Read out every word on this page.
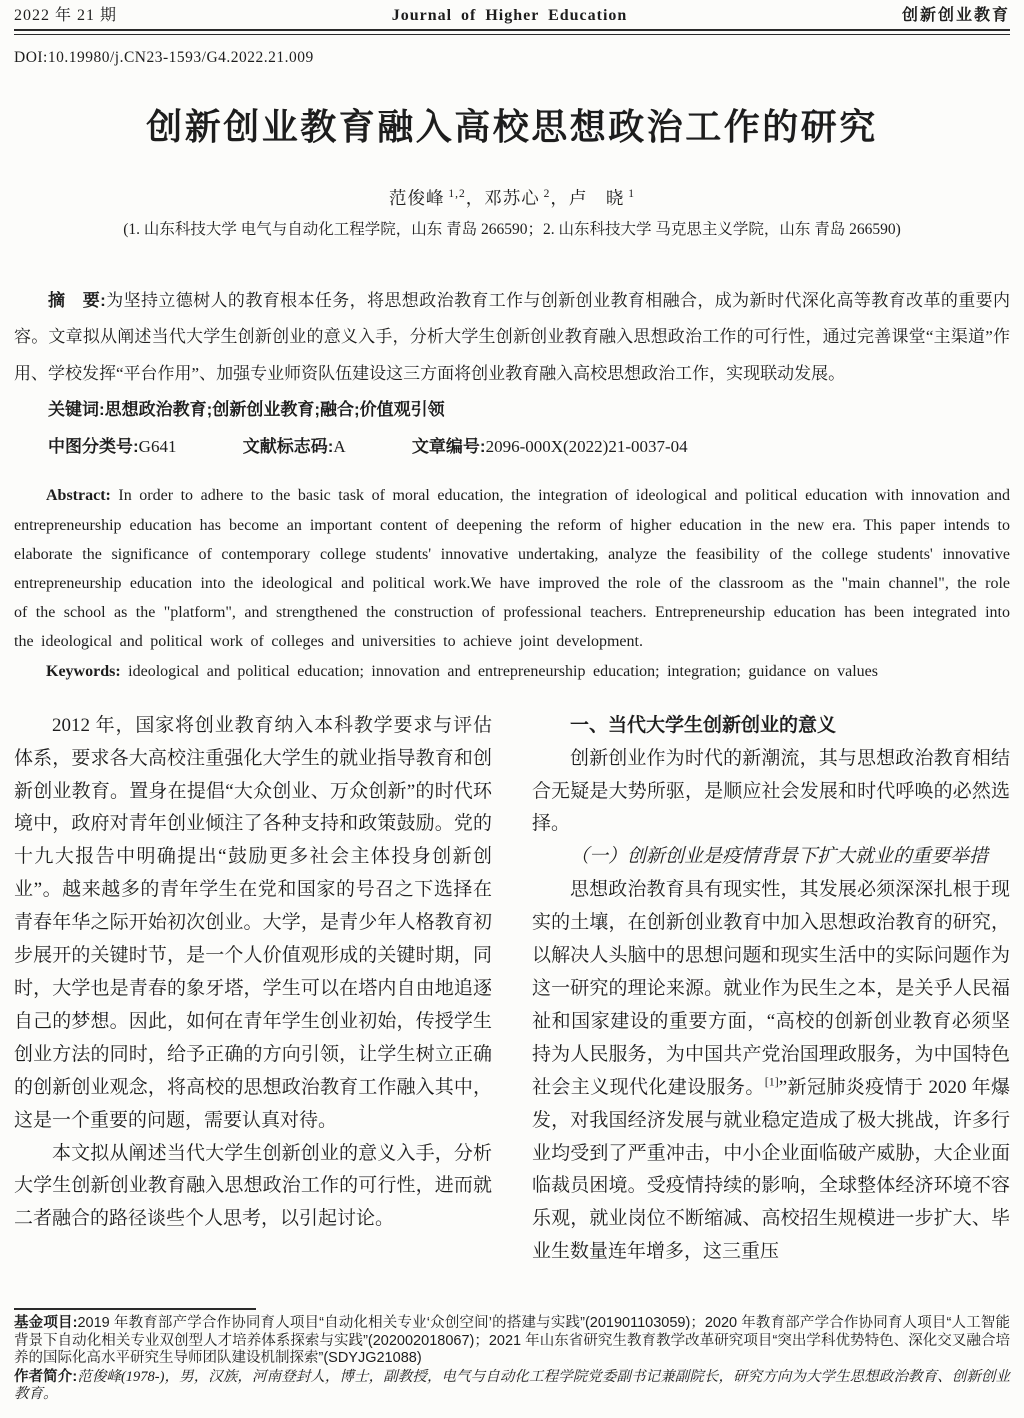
2022 年 21 期	Journal of Higher Education	创新创业教育
DOI:10.19980/j.CN23-1593/G4.2022.21.009
创新创业教育融入高校思想政治工作的研究
范俊峰 $^{1,2}$，邓苏心 $^2$，卢　晓 $^1$
(1. 山东科技大学 电气与自动化工程学院，山东 青岛 266590；2. 山东科技大学 马克思主义学院，山东 青岛 266590)
摘　要:为坚持立德树人的教育根本任务，将思想政治教育工作与创新创业教育相融合，成为新时代深化高等教育改革的重要内容。文章拟从阐述当代大学生创新创业的意义入手，分析大学生创新创业教育融入思想政治工作的可行性，通过完善课堂“主渠道”作用、学校发挥“平台作用”、加强专业师资队伍建设这三方面将创业教育融入高校思想政治工作，实现联动发展。
关键词:思想政治教育;创新创业教育;融合;价值观引领
中图分类号:G641	文献标志码:A	文章编号:2096-000X(2022)21-0037-04
Abstract: In order to adhere to the basic task of moral education, the integration of ideological and political education with innovation and entrepreneurship education has become an important content of deepening the reform of higher education in the new era. This paper intends to elaborate the significance of contemporary college students' innovative undertaking, analyze the feasibility of the college students' innovative entrepreneurship education into the ideological and political work.We have improved the role of the classroom as the "main channel", the role of the school as the "platform", and strengthened the construction of professional teachers. Entrepreneurship education has been integrated into the ideological and political work of colleges and universities to achieve joint development.
Keywords: ideological and political education; innovation and entrepreneurship education; integration; guidance on values
2012 年，国家将创业教育纳入本科教学要求与评估体系，要求各大高校注重强化大学生的就业指导教育和创新创业教育。置身在提倡“大众创业、万众创新”的时代环境中，政府对青年创业倾注了各种支持和政策鼓励。党的十九大报告中明确提出“鼓励更多社会主体投身创新创业”。越来越多的青年学生在党和国家的号召之下选择在青春年华之际开始初次创业。大学，是青少年人格教育初步展开的关键时节，是一个人价值观形成的关键时期，同时，大学也是青春的象牙塔，学生可以在塔内自由地追逐自己的梦想。因此，如何在青年学生创业初始，传授学生创业方法的同时，给予正确的方向引领，让学生树立正确的创新创业观念，将高校的思想政治教育工作融入其中，这是一个重要的问题，需要认真对待。
本文拟从阐述当代大学生创新创业的意义入手，分析大学生创新创业教育融入思想政治工作的可行性，进而就二者融合的路径谈些个人思考，以引起讨论。
一、当代大学生创新创业的意义
创新创业作为时代的新潮流，其与思想政治教育相结合无疑是大势所驱，是顺应社会发展和时代呼唤的必然选择。
（一）创新创业是疫情背景下扩大就业的重要举措
思想政治教育具有现实性，其发展必须深深扎根于现实的土壤，在创新创业教育中加入思想政治教育的研究，以解决人头脑中的思想问题和现实生活中的实际问题作为这一研究的理论来源。就业作为民生之本，是关乎人民福祉和国家建设的重要方面，“高校的创新创业教育必须坚持为人民服务，为中国共产党治国理政服务，为中国特色社会主义现代化建设服务。[1]”新冠肺炎疫情于 2020 年爆发，对我国经济发展与就业稳定造成了极大挑战，许多行业均受到了严重冲击，中小企业面临破产威胁，大企业面临裁员困境。受疫情持续的影响，全球整体经济环境不容乐观，就业岗位不断缩减、高校招生规模进一步扩大、毕业生数量连年增多，这三重压
基金项目:2019 年教育部产学合作协同育人项目“自动化相关专业‘众创空间’的搭建与实践”(201901103059)；2020 年教育部产学合作协同育人项目“人工智能背景下自动化相关专业双创型人才培养体系探索与实践”(202002018067)；2021 年山东省研究生教育教学改革研究项目“突出学科优势特色、深化交叉融合培养的国际化高水平研究生导师团队建设机制探索”(SDYJG21088)
作者简介:范俊峰(1978-)，男，汉族，河南登封人，博士，副教授，电气与自动化工程学院党委副书记兼副院长，研究方向为大学生思想政治教育、创新创业教育。
